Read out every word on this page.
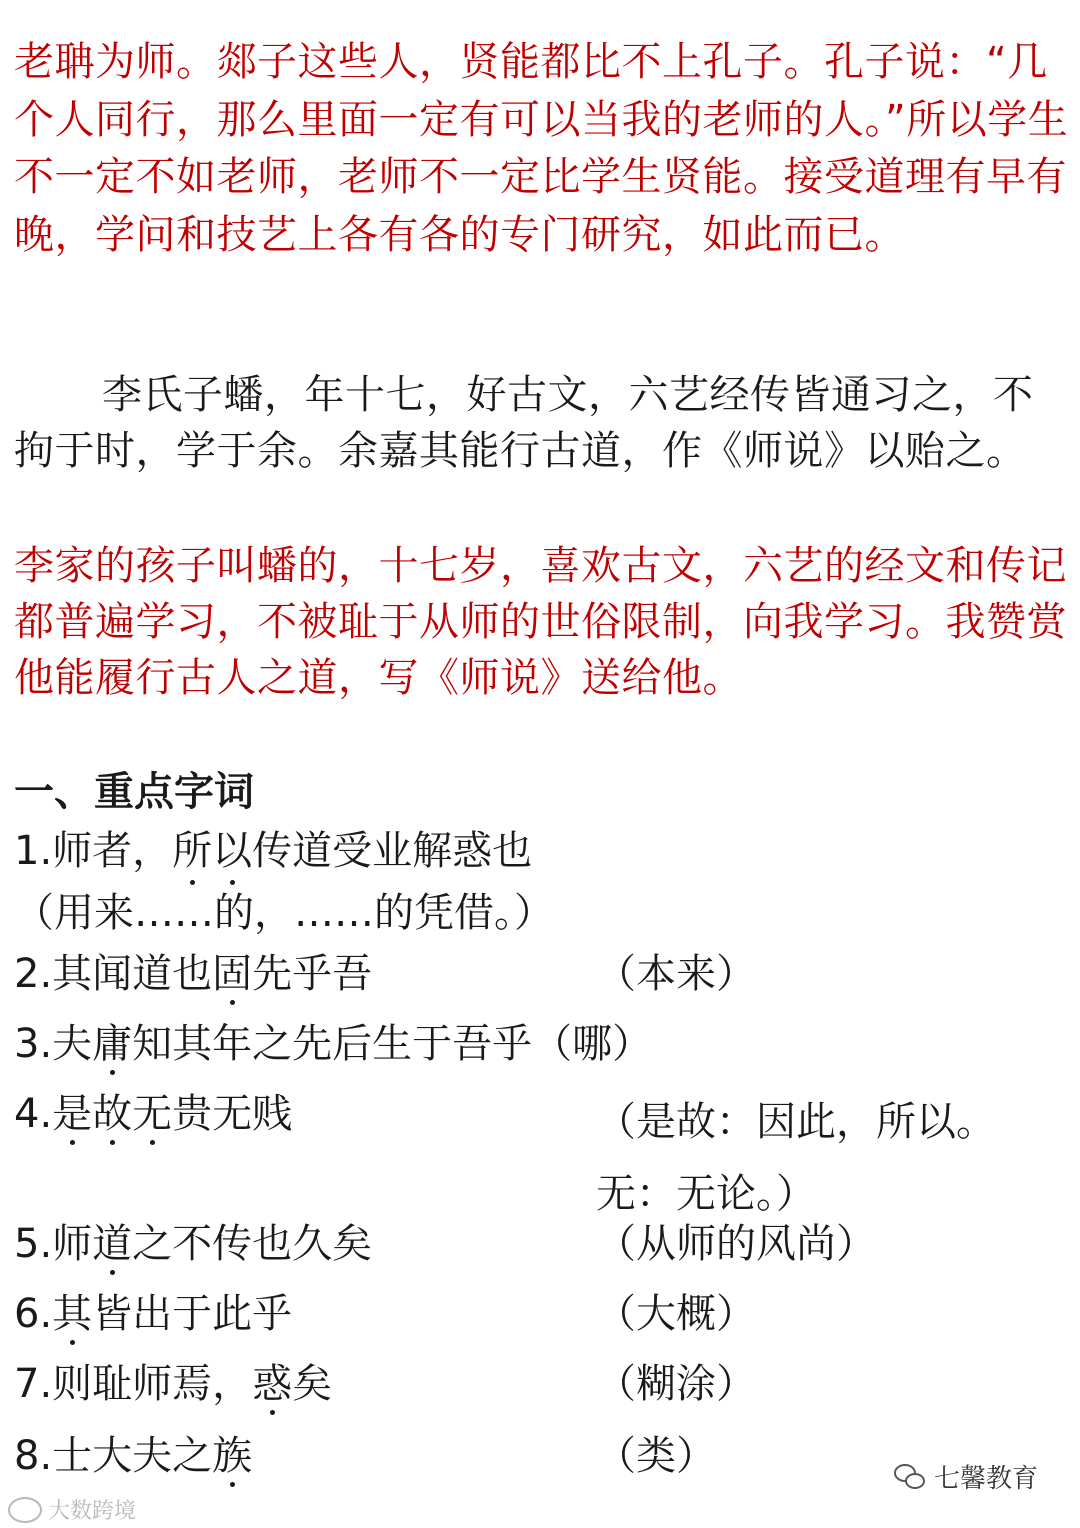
老聃为师。郯子这些人，贤能都比不上孔子。孔子说：“几个人同行，那么里面一定有可以当我的老师的人。”所以学生不一定不如老师，老师不一定比学生贤能。接受道理有早有晚，学问和技艺上各有各的专门研究，如此而已。

李氏子蟠，年十七，好古文，六艺经传皆通习之，不拘于时，学于余。余嘉其能行古道，作《师说》以贻之。

李家的孩子叫蟠的，十七岁，喜欢古文，六艺的经文和传记都普遍学习，不被耻于从师的世俗限制，向我学习。我赞赏他能履行古人之道，写《师说》送给他。

一、重点字词

1.师者，所以传道受业解惑也（用来……的，……的凭借。）
2.其闻道也固先乎吾	（本来）
3.夫庸知其年之先后生于吾乎（哪）
4.是故无贵无贱	（是故：因此，所以。无：无论。）
5.师道之不传也久矣	（从师的风尚）
6.其皆出于此乎	（大概）
7.则耻师焉，惑矣	（糊涂）
8.士大夫之族	（类）
大数跨境
七馨教育
